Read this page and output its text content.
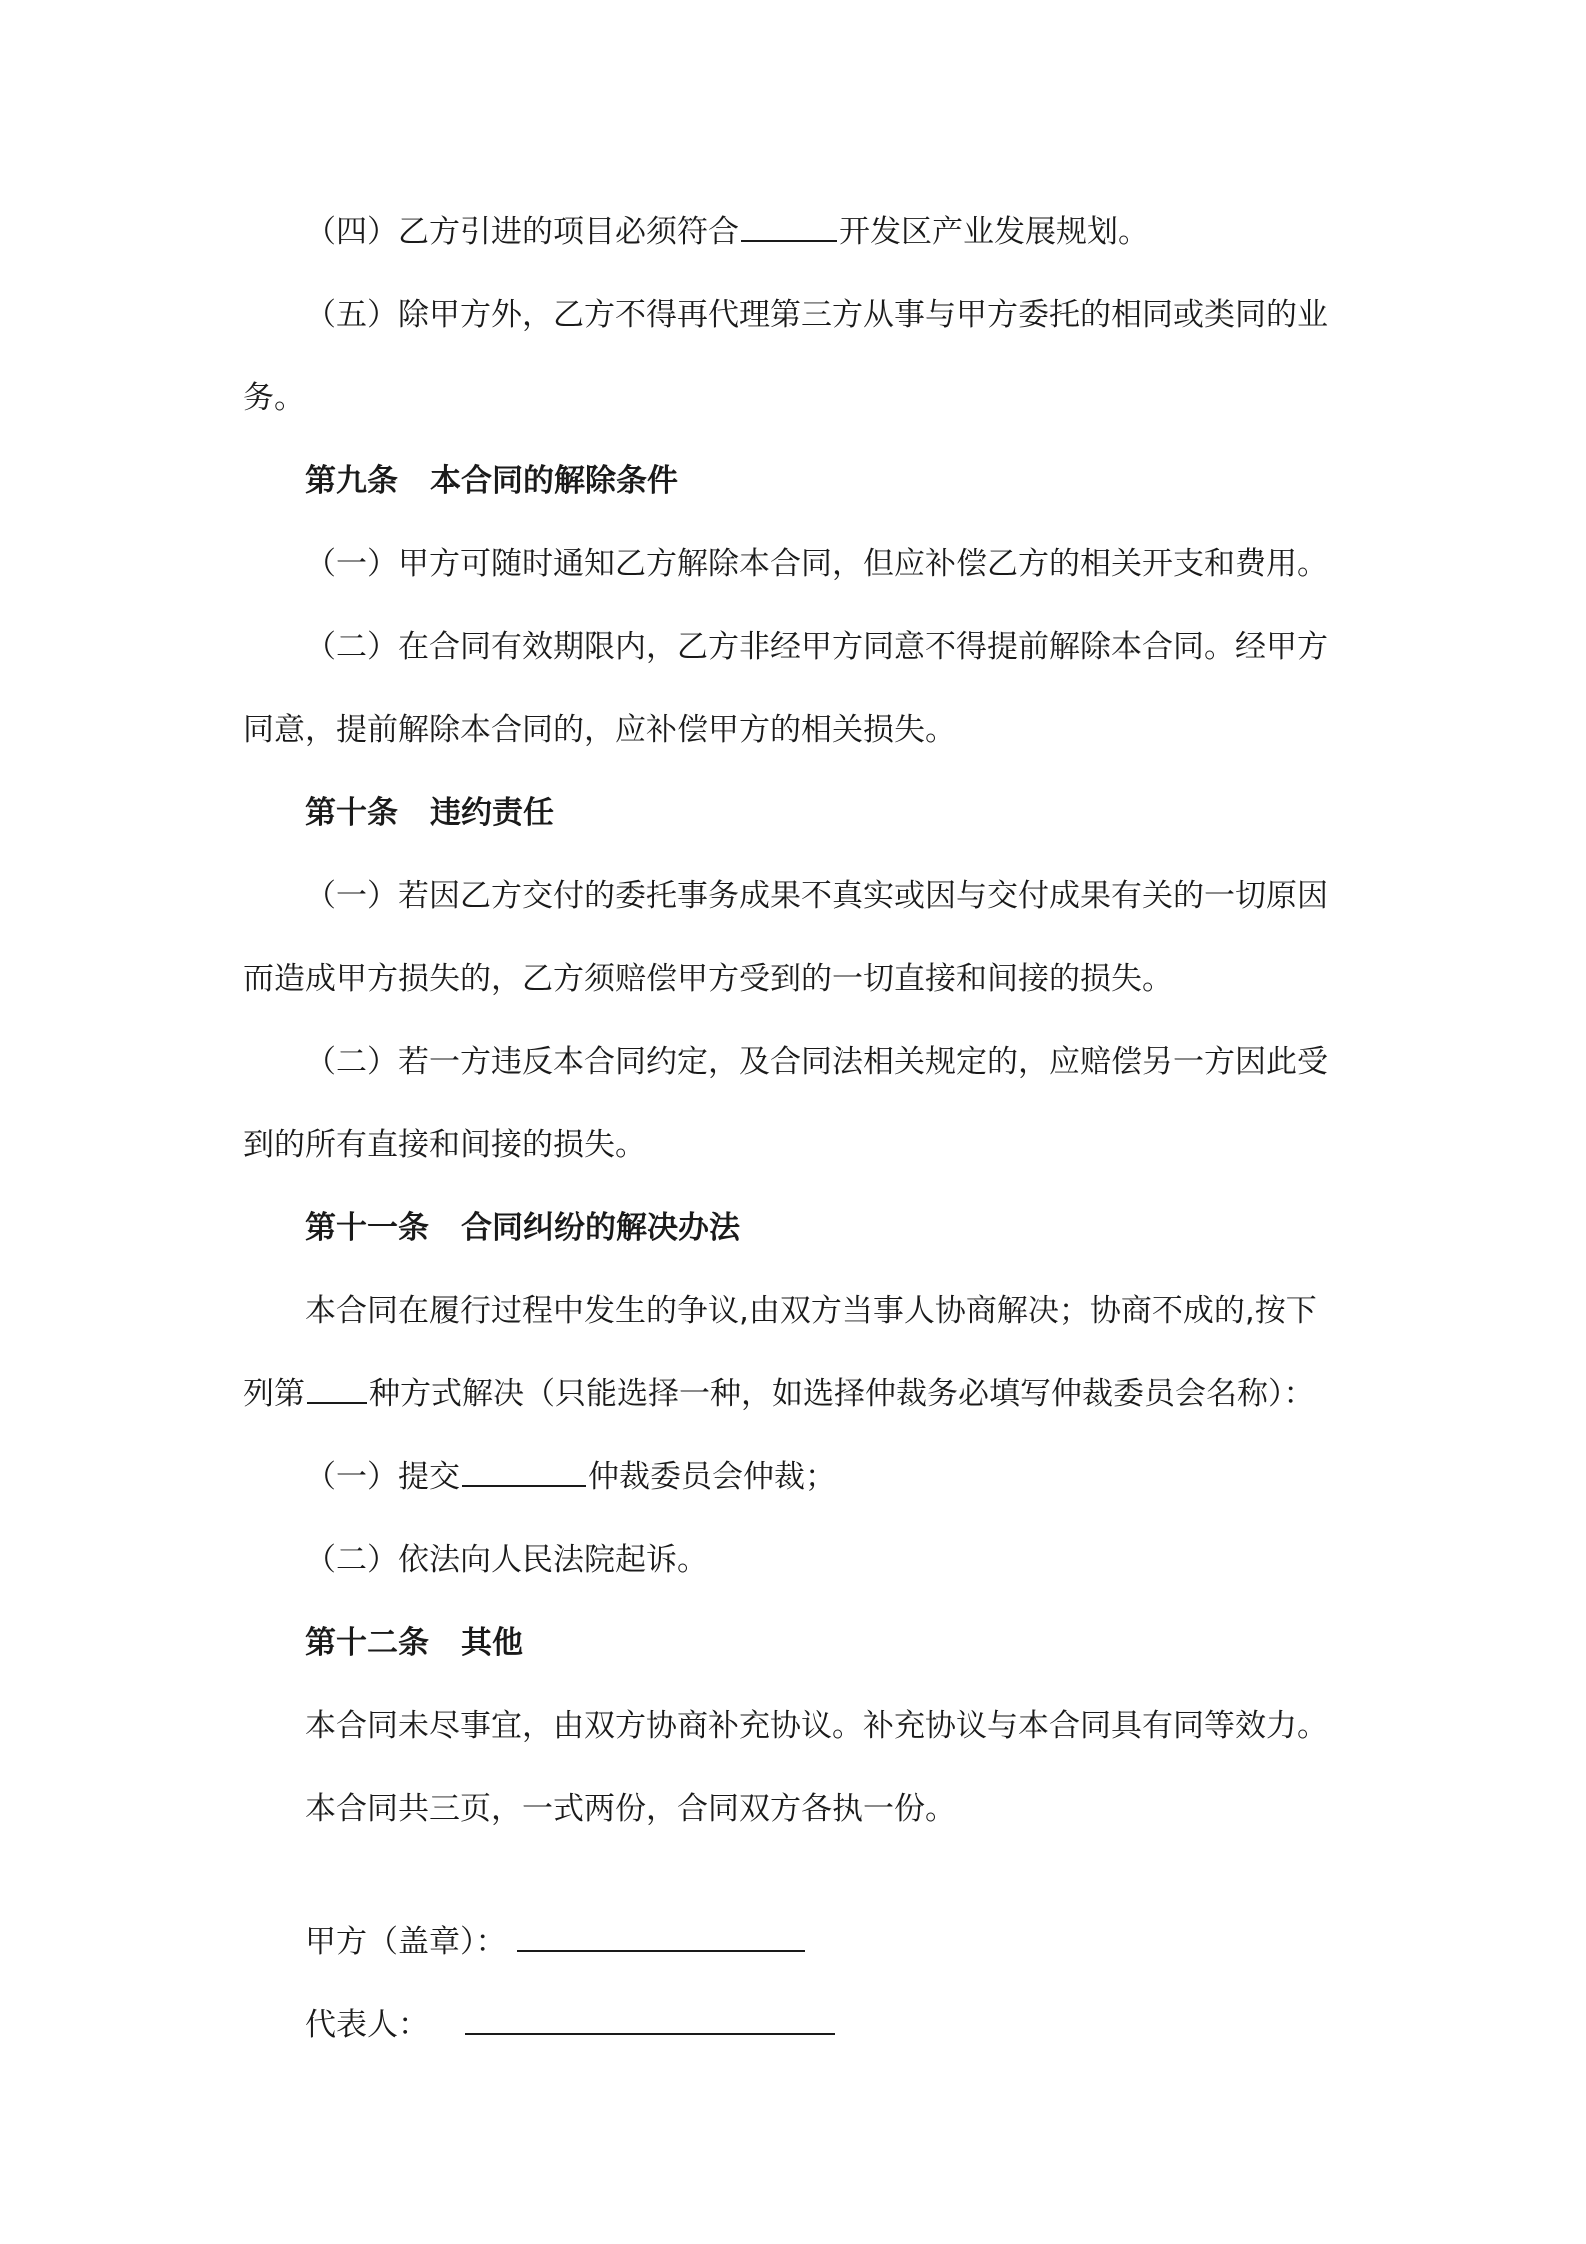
（四）乙方引进的项目必须符合	开发区产业发展规划。
（五）除甲方外，乙方不得再代理第三方从事与甲方委托的相同或类同的业
务。
第九条 本合同的解除条件
（一）甲方可随时通知乙方解除本合同，但应补偿乙方的相关开支和费用。
（二）在合同有效期限内，乙方非经甲方同意不得提前解除本合同。经甲方
同意，提前解除本合同的，应补偿甲方的相关损失。
第十条 违约责任
（一）若因乙方交付的委托事务成果不真实或因与交付成果有关的一切原因
而造成甲方损失的，乙方须赔偿甲方受到的一切直接和间接的损失。
（二）若一方违反本合同约定，及合同法相关规定的，应赔偿另一方因此受
到的所有直接和间接的损失。
第十一条 合同纠纷的解决办法
本合同在履行过程中发生的争议,由双方当事人协商解决；协商不成的,按下
列第 种方式解决（只能选择一种，如选择仲裁务必填写仲裁委员会名称）：
（一）提交	仲裁委员会仲裁；
（二）依法向人民法院起诉。
第十二条 其他
本合同未尽事宜，由双方协商补充协议。补充协议与本合同具有同等效力。
本合同共三页，一式两份，合同双方各执一份。
甲方（盖章）：
代表人：
